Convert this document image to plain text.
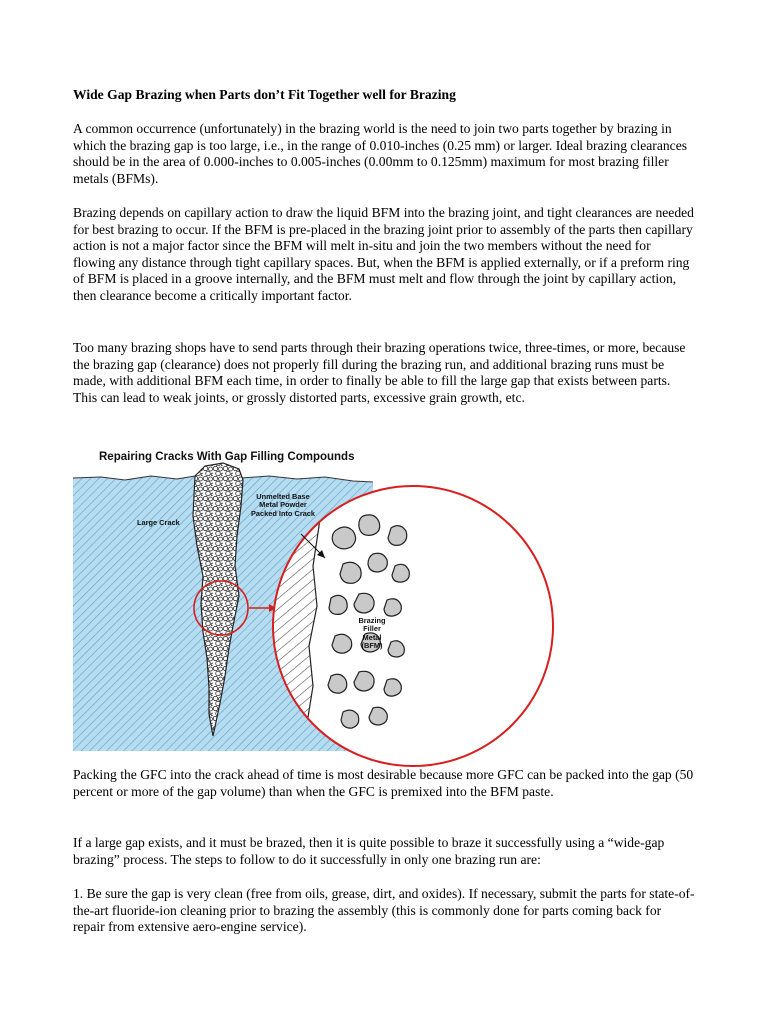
Wide Gap Brazing when Parts don’t Fit Together well for Brazing

A common occurrence (unfortunately) in the brazing world is the need to join two parts together by brazing in which the brazing gap is too large, i.e., in the range of 0.010-inches (0.25 mm) or larger. Ideal brazing clearances should be in the area of 0.000-inches to 0.005-inches (0.00mm to 0.125mm) maximum for most brazing filler metals (BFMs).

Brazing depends on capillary action to draw the liquid BFM into the brazing joint, and tight clearances are needed for best brazing to occur. If the BFM is pre-placed in the brazing joint prior to assembly of the parts then capillary action is not a major factor since the BFM will melt in-situ and join the two members without the need for flowing any distance through tight capillary spaces. But, when the BFM is applied externally, or if a preform ring of BFM is placed in a groove internally, and the BFM must melt and flow through the joint by capillary action, then clearance become a critically important factor.

Too many brazing shops have to send parts through their brazing operations twice, three-times, or more, because the brazing gap (clearance) does not properly fill during the brazing run, and additional brazing runs must be made, with additional BFM each time, in order to finally be able to fill the large gap that exists between parts. This can lead to weak joints, or grossly distorted parts, excessive grain growth, etc.

Repairing Cracks With Gap Filling Compounds
Large Crack
Unmelted Base Metal Powder Packed Into Crack
Brazing Filler Metal (BFM)

Packing the GFC into the crack ahead of time is most desirable because more GFC can be packed into the gap (50 percent or more of the gap volume) than when the GFC is premixed into the BFM paste.

If a large gap exists, and it must be brazed, then it is quite possible to braze it successfully using a “wide-gap brazing” process. The steps to follow to do it successfully in only one brazing run are:

1. Be sure the gap is very clean (free from oils, grease, dirt, and oxides). If necessary, submit the parts for state-of-the-art fluoride-ion cleaning prior to brazing the assembly (this is commonly done for parts coming back for repair from extensive aero-engine service).
